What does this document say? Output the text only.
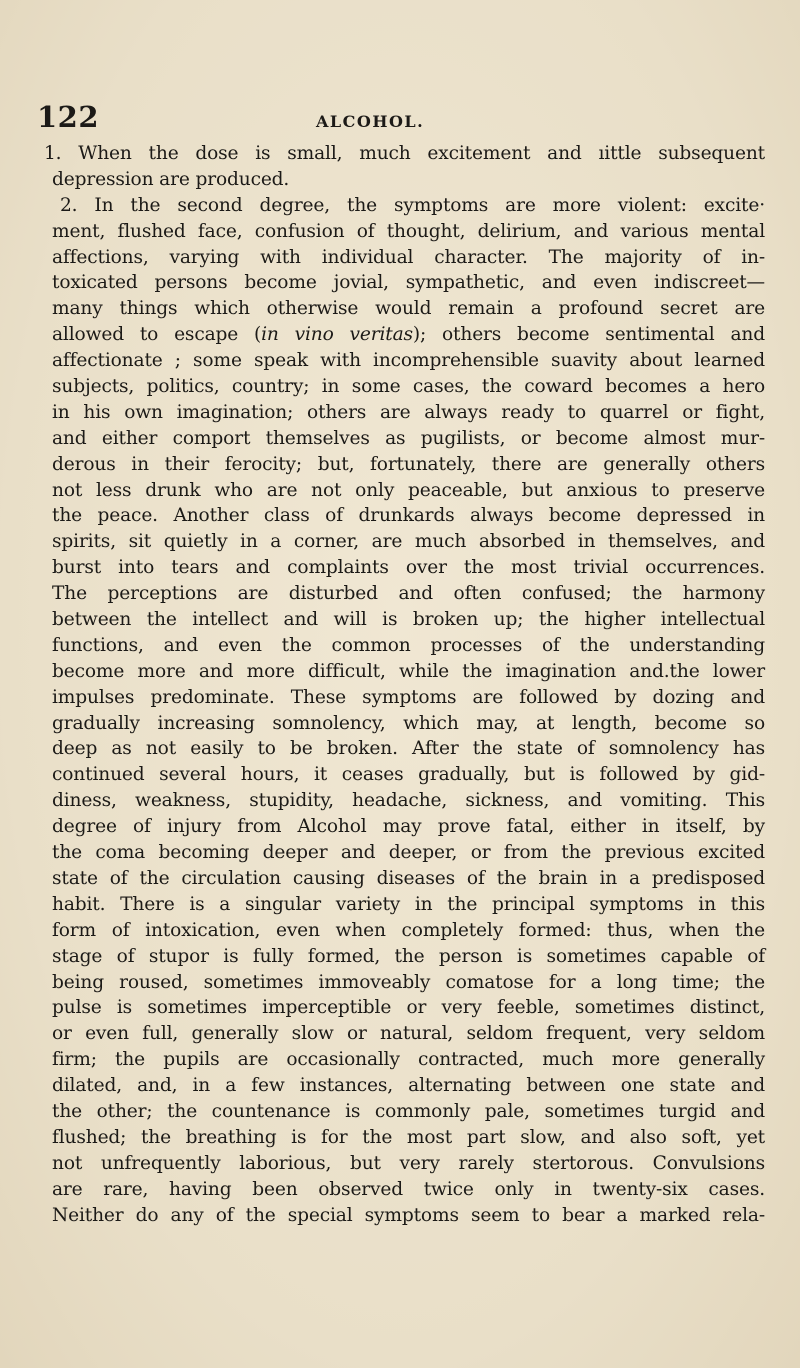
122	ALCOHOL.
1. When the dose is small, much excitement and ıittle subsequent
depression are produced.
2. In the second degree, the symptoms are more violent: excite·
ment, flushed face, confusion of thought, delirium, and various mental
affections, varying with individual character. The majority of in-
toxicated persons become jovial, sympathetic, and even indiscreet—
many things which otherwise would remain a profound secret are
allowed to escape (in vino veritas); others become sentimental and
affectionate ; some speak with incomprehensible suavity about learned
subjects, politics, country; in some cases, the coward becomes a hero
in his own imagination; others are always ready to quarrel or fight,
and either comport themselves as pugilists, or become almost mur-
derous in their ferocity; but, fortunately, there are generally others
not less drunk who are not only peaceable, but anxious to preserve
the peace. Another class of drunkards always become depressed in
spirits, sit quietly in a corner, are much absorbed in themselves, and
burst into tears and complaints over the most trivial occurrences.
The perceptions are disturbed and often confused; the harmony
between the intellect and will is broken up; the higher intellectual
functions, and even the common processes of the understanding
become more and more difficult, while the imagination and.the lower
impulses predominate. These symptoms are followed by dozing and
gradually increasing somnolency, which may, at length, become so
deep as not easily to be broken. After the state of somnolency has
continued several hours, it ceases gradually, but is followed by gid-
diness, weakness, stupidity, headache, sickness, and vomiting. This
degree of injury from Alcohol may prove fatal, either in itself, by
the coma becoming deeper and deeper, or from the previous excited
state of the circulation causing diseases of the brain in a predisposed
habit. There is a singular variety in the principal symptoms in this
form of intoxication, even when completely formed: thus, when the
stage of stupor is fully formed, the person is sometimes capable of
being roused, sometimes immoveably comatose for a long time; the
pulse is sometimes imperceptible or very feeble, sometimes distinct,
or even full, generally slow or natural, seldom frequent, very seldom
firm; the pupils are occasionally contracted, much more generally
dilated, and, in a few instances, alternating between one state and
the other; the countenance is commonly pale, sometimes turgid and
flushed; the breathing is for the most part slow, and also soft, yet
not unfrequently laborious, but very rarely stertorous. Convulsions
are rare, having been observed twice only in twenty-six cases.
Neither do any of the special symptoms seem to bear a marked rela-
